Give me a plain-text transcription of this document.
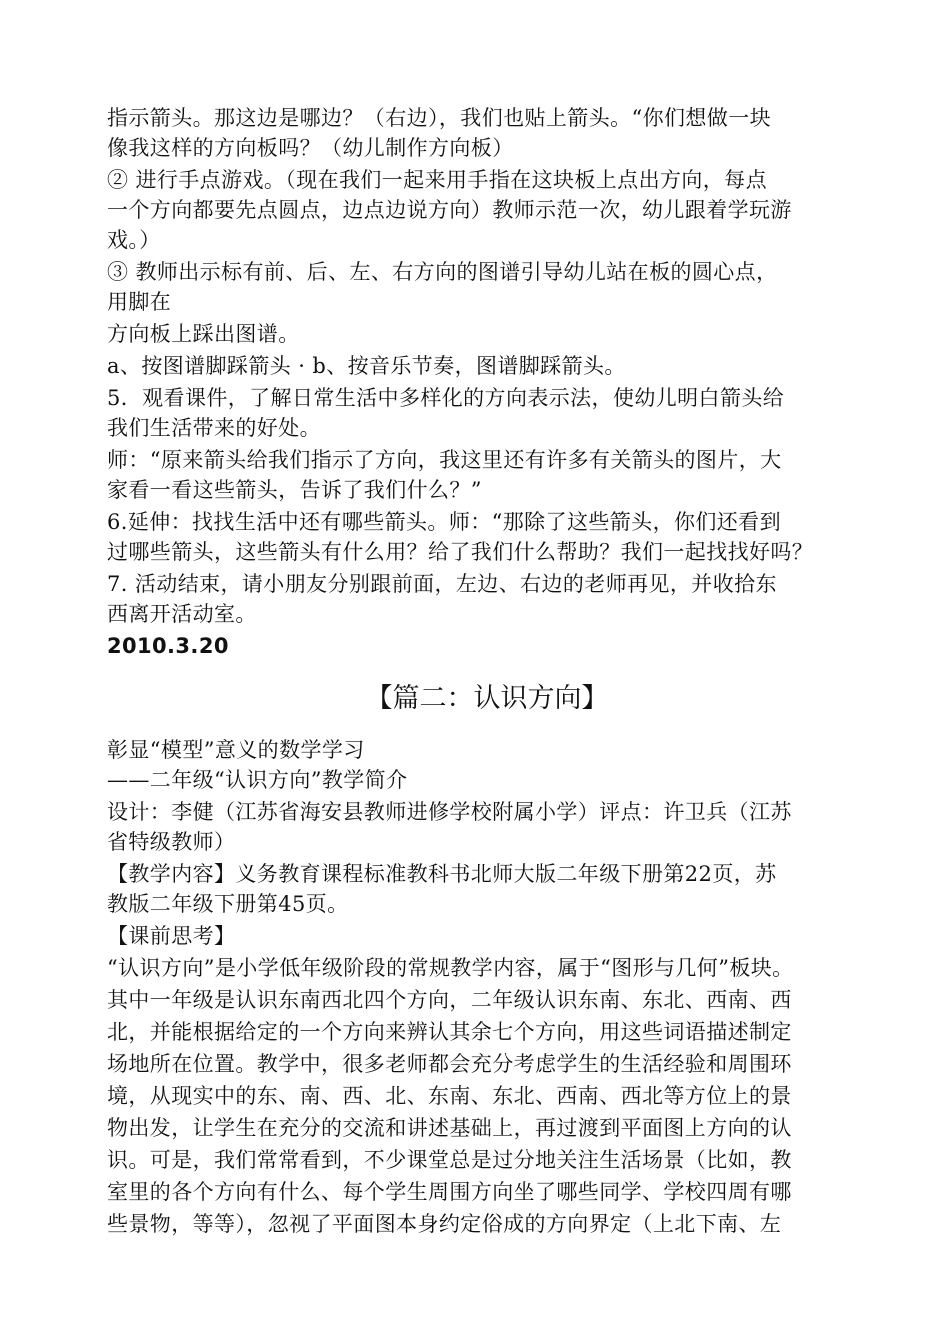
指示箭头。那这边是哪边？（右边），我们也贴上箭头。“你们想做一块
像我这样的方向板吗？（幼儿制作方向板）
② 进行手点游戏。（现在我们一起来用手指在这块板上点出方向，每点
一个方向都要先点圆点，边点边说方向）教师示范一次，幼儿跟着学玩游
戏。）
③ 教师出示标有前、后、左、右方向的图谱引导幼儿站在板的圆心点，
用脚在
方向板上踩出图谱。
a、按图谱脚踩箭头 · b、按音乐节奏，图谱脚踩箭头。
5．观看课件，了解日常生活中多样化的方向表示法，使幼儿明白箭头给
我们生活带来的好处。
师：“原来箭头给我们指示了方向，我这里还有许多有关箭头的图片，大
家看一看这些箭头，告诉了我们什么？”
6.延伸：找找生活中还有哪些箭头。师：“那除了这些箭头，你们还看到
过哪些箭头，这些箭头有什么用？给了我们什么帮助？我们一起找找好吗？
7. 活动结束，请小朋友分别跟前面，左边、右边的老师再见，并收拾东
西离开活动室。
2010.3.20
【篇二：认识方向】
彰显“模型”意义的数学学习
——二年级“认识方向”教学简介
设计：李健（江苏省海安县教师进修学校附属小学）评点：许卫兵（江苏
省特级教师）
【教学内容】义务教育课程标准教科书北师大版二年级下册第22页，苏
教版二年级下册第45页。
【课前思考】
“认识方向”是小学低年级阶段的常规教学内容，属于“图形与几何”板块。
其中一年级是认识东南西北四个方向，二年级认识东南、东北、西南、西
北，并能根据给定的一个方向来辨认其余七个方向，用这些词语描述制定
场地所在位置。教学中，很多老师都会充分考虑学生的生活经验和周围环
境，从现实中的东、南、西、北、东南、东北、西南、西北等方位上的景
物出发，让学生在充分的交流和讲述基础上，再过渡到平面图上方向的认
识。可是，我们常常看到，不少课堂总是过分地关注生活场景（比如，教
室里的各个方向有什么、每个学生周围方向坐了哪些同学、学校四周有哪
些景物，等等），忽视了平面图本身约定俗成的方向界定（上北下南、左
